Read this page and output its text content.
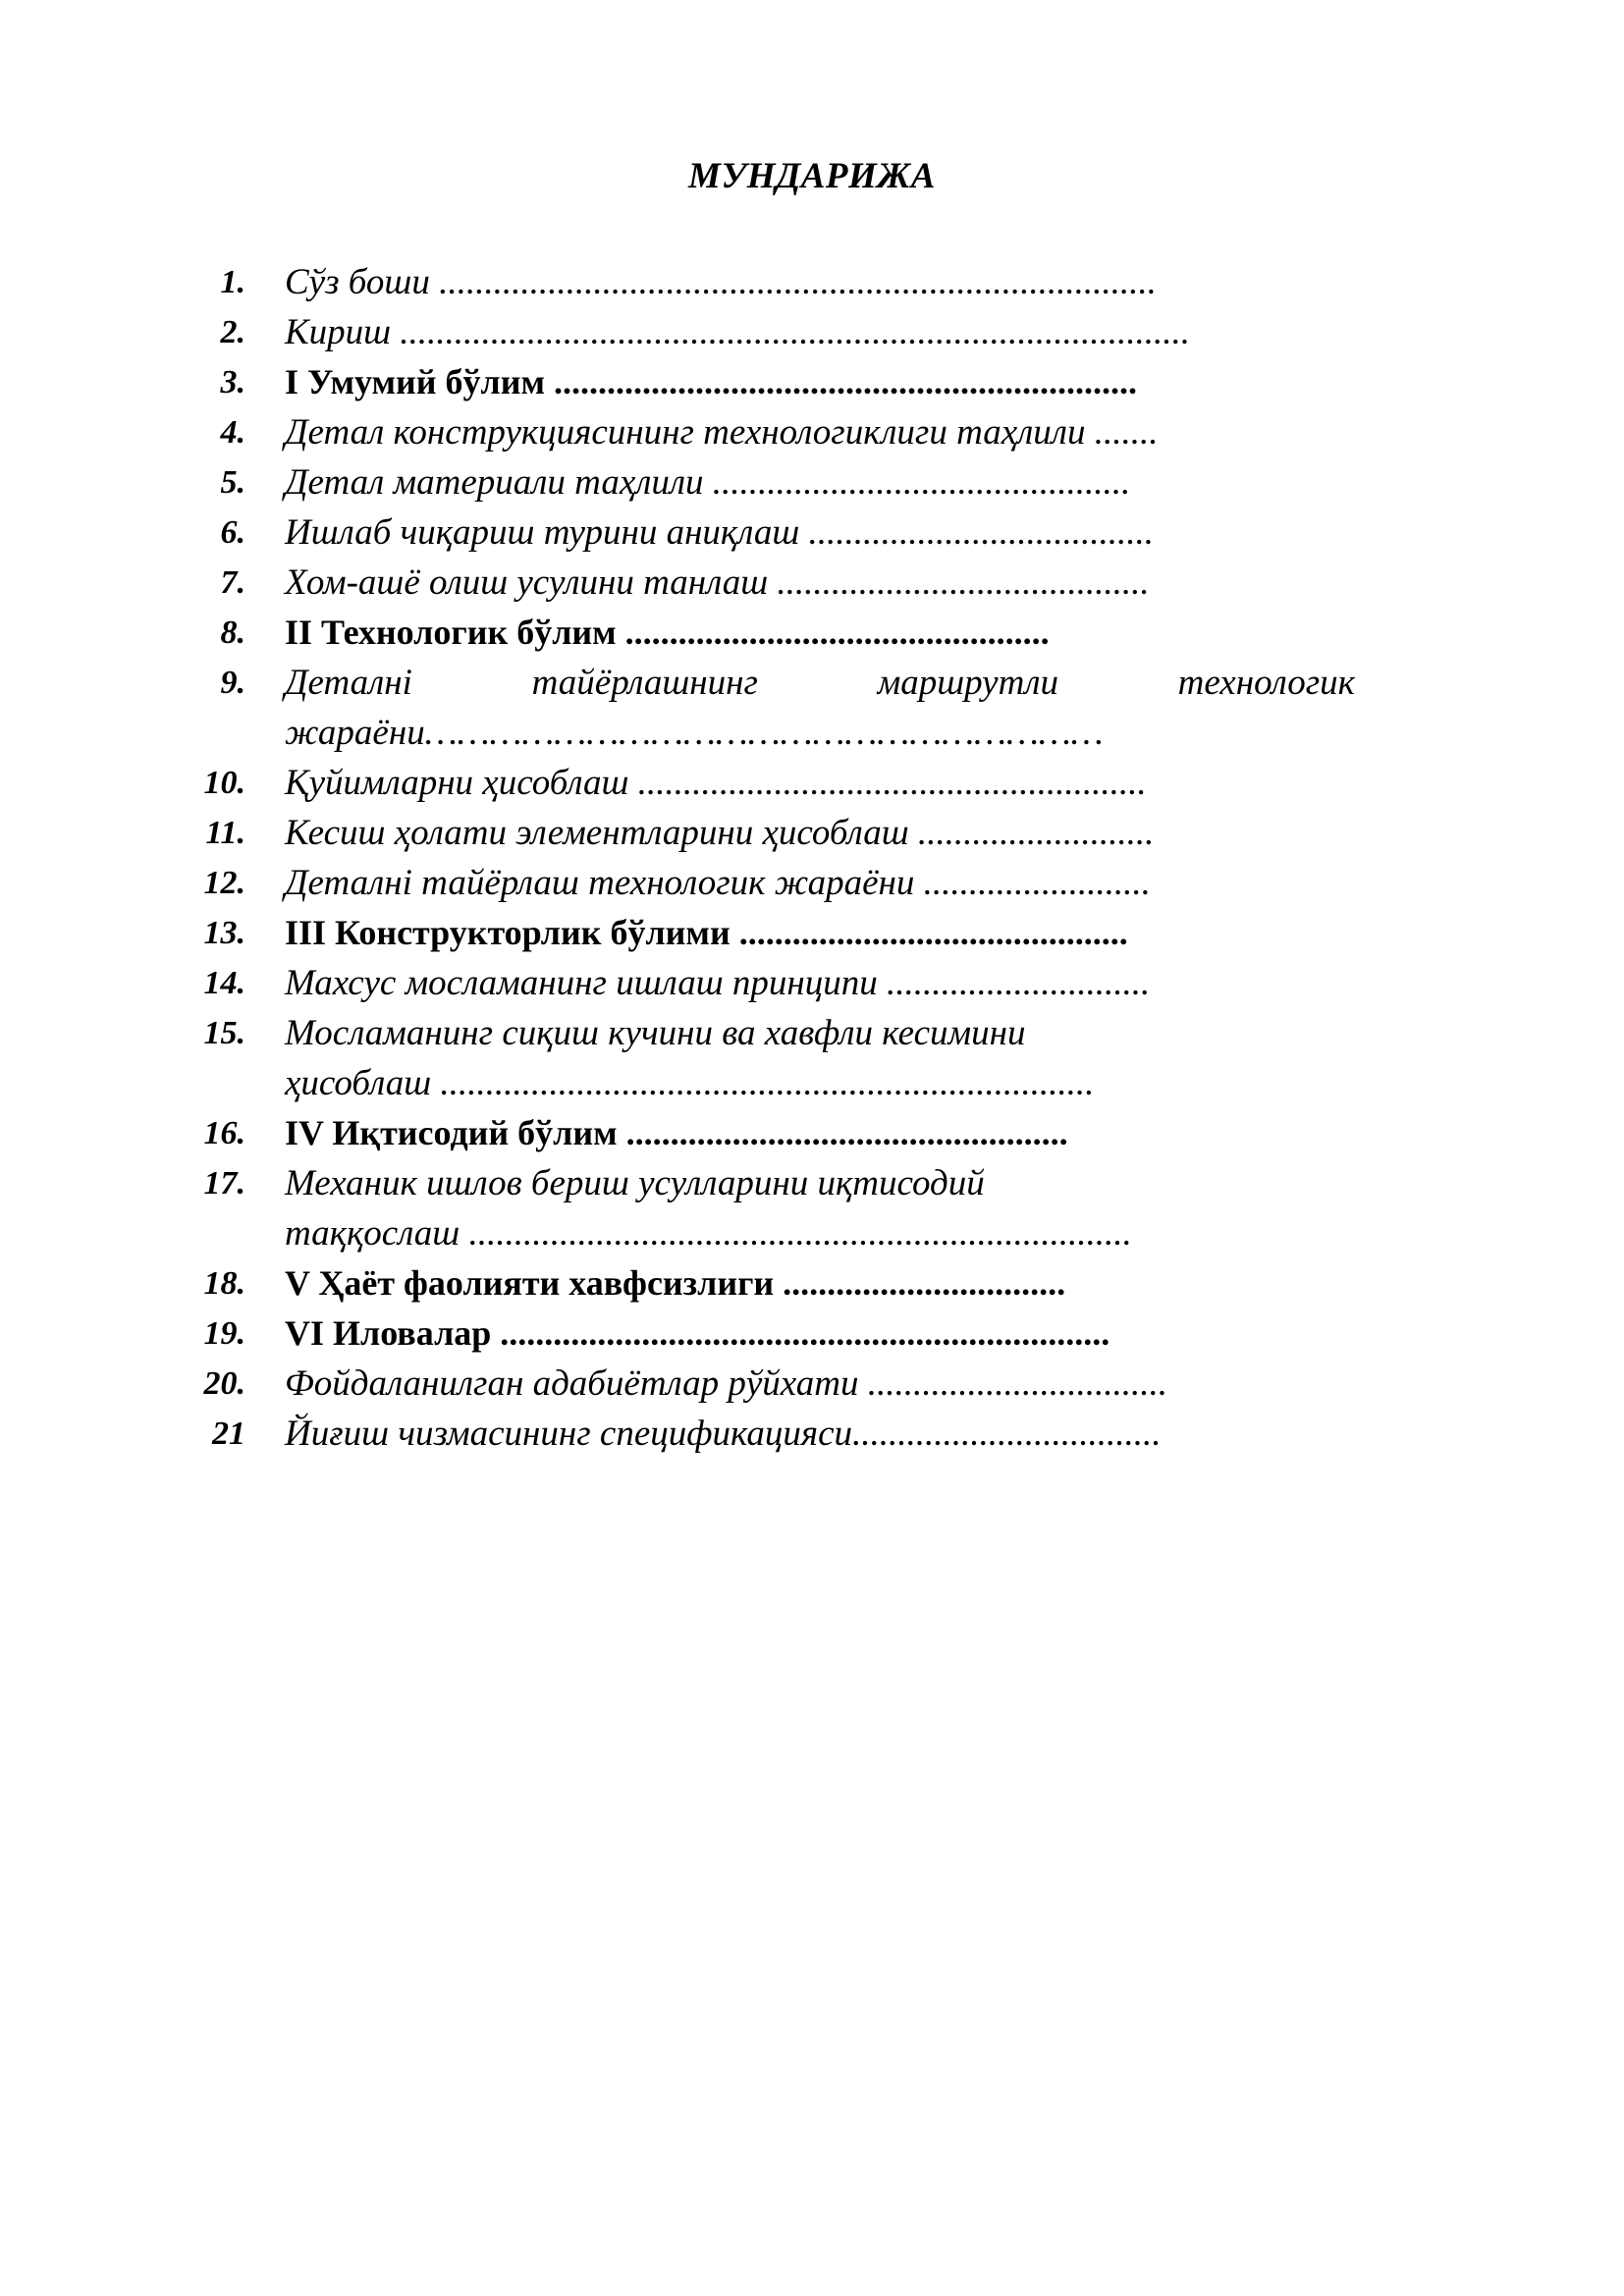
МУНДАРИЖА
1. Сўз боши ...............................................................................
2. Кириш .......................................................................................
3. I Умумий бўлим ..................................................................
4. Детал конструкциясининг технологиклиги таҳлили .......
5. Детал материали таҳлили ..............................................
6. Ишлаб чиқариш турини аниқлаш ......................................
7. Хом-ашё олиш усулини танлаш .........................................
8. II Технологик бўлим ................................................
9. Деталнi	тайёрлашнинг	маршрутли	технологик
жараёни………………………………………………………
10. Қуйимларни ҳисоблаш ........................................................
11. Кесиш ҳолати элементларини ҳисоблаш ..........................
12. Деталнi тайёрлаш технологик жараёни .........................
13. III Конструкторлик бўлими ............................................
14. Махсус мосламанинг ишлаш принципи .............................
15. Мосламанинг сиқиш кучини ва хавфли кесимини
ҳисоблаш ........................................................................
16. IV Иқтисодий бўлим ..................................................
17. Механик ишлов бериш усулларини иқтисодий
таққослаш .........................................................................
18. V Ҳаёт фаолияти хавфсизлиги ................................
19. VI Иловалар .....................................................................
20. Фойдаланилган адабиётлар рўйхати .................................
21 Йиғиш чизмасининг спецификацияси..................................
